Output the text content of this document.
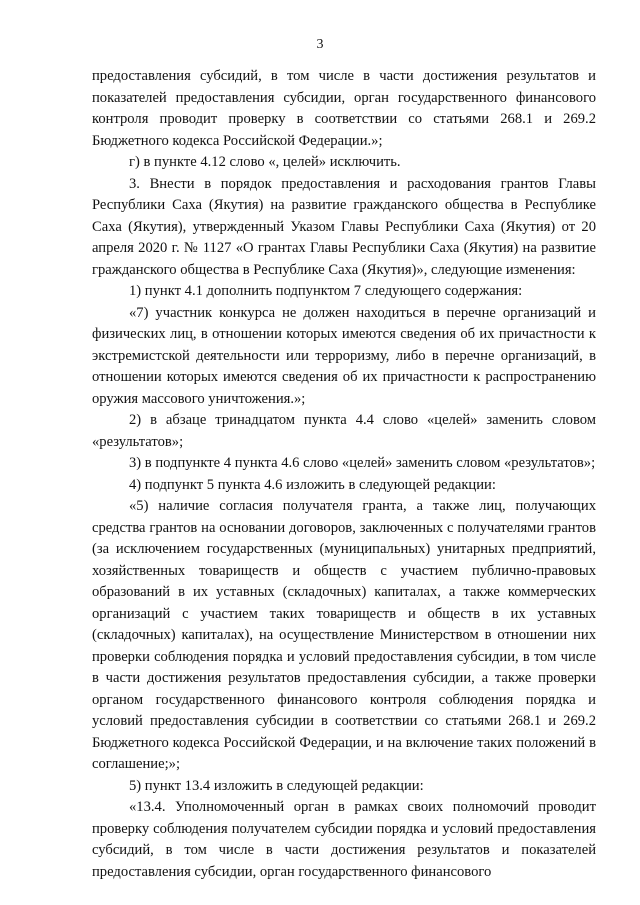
3

предоставления субсидий, в том числе в части достижения результатов и показателей предоставления субсидии, орган государственного финансового контроля проводит проверку в соответствии со статьями 268.1 и 269.2 Бюджетного кодекса Российской Федерации.»;

г) в пункте 4.12 слово «, целей» исключить.

3. Внести в порядок предоставления и расходования грантов Главы Республики Саха (Якутия) на развитие гражданского общества в Республике Саха (Якутия), утвержденный Указом Главы Республики Саха (Якутия) от 20 апреля 2020 г. № 1127 «О грантах Главы Республики Саха (Якутия) на развитие гражданского общества в Республике Саха (Якутия)», следующие изменения:

1) пункт 4.1 дополнить подпунктом 7 следующего содержания:

«7) участник конкурса не должен находиться в перечне организаций и физических лиц, в отношении которых имеются сведения об их причастности к экстремистской деятельности или терроризму, либо в перечне организаций, в отношении которых имеются сведения об их причастности к распространению оружия массового уничтожения.»;

2) в абзаце тринадцатом пункта 4.4 слово «целей» заменить словом «результатов»;

3) в подпункте 4 пункта 4.6 слово «целей» заменить словом «результатов»;

4) подпункт 5 пункта 4.6 изложить в следующей редакции:

«5) наличие согласия получателя гранта, а также лиц, получающих средства грантов на основании договоров, заключенных с получателями грантов (за исключением государственных (муниципальных) унитарных предприятий, хозяйственных товариществ и обществ с участием публично-правовых образований в их уставных (складочных) капиталах, а также коммерческих организаций с участием таких товариществ и обществ в их уставных (складочных) капиталах), на осуществление Министерством в отношении них проверки соблюдения порядка и условий предоставления субсидии, в том числе в части достижения результатов предоставления субсидии, а также проверки органом государственного финансового контроля соблюдения порядка и условий предоставления субсидии в соответствии со статьями 268.1 и 269.2 Бюджетного кодекса Российской Федерации, и на включение таких положений в соглашение;»;

5) пункт 13.4 изложить в следующей редакции:

«13.4. Уполномоченный орган в рамках своих полномочий проводит проверку соблюдения получателем субсидии порядка и условий предоставления субсидий, в том числе в части достижения результатов и показателей предоставления субсидии, орган государственного финансового
